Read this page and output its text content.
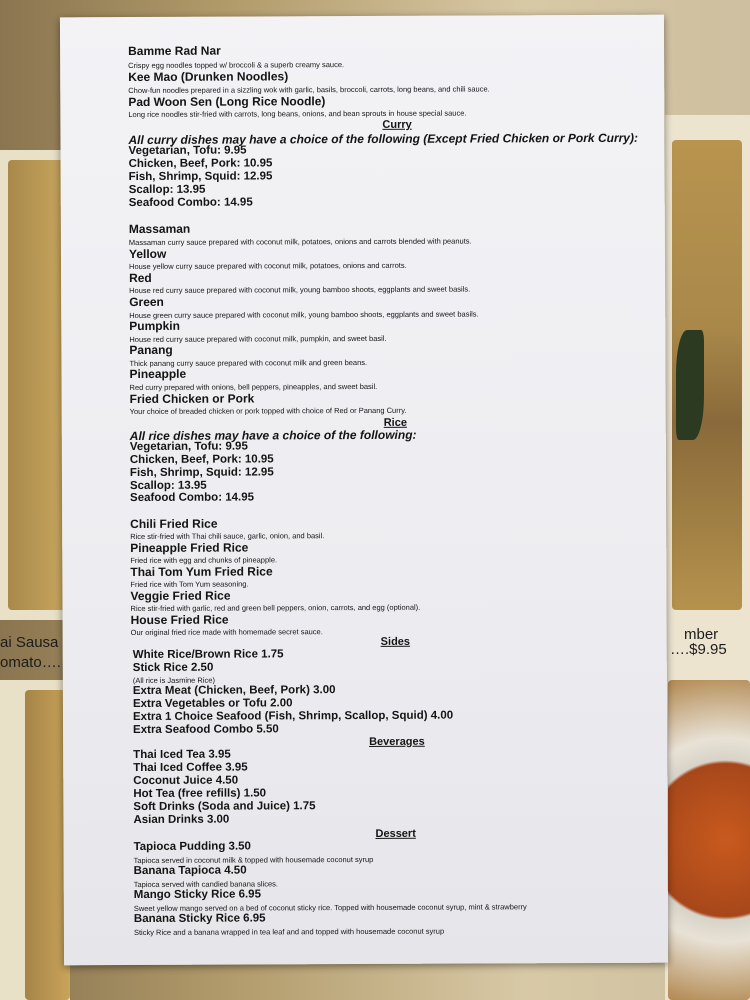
ai Sausa
omato….
mber
….$9.95
Bamme Rad Nar
Crispy egg noodles topped w/ broccoli & a superb creamy sauce.
Kee Mao (Drunken Noodles)
Chow-fun noodles prepared in a sizzling wok with garlic, basils, broccoli, carrots, long beans, and chili sauce.
Pad Woon Sen (Long Rice Noodle)
Long rice noodles stir-fried with carrots, long beans, onions, and bean sprouts in house special sauce.
Curry
All curry dishes may have a choice of the following (Except Fried Chicken or Pork Curry):
Vegetarian, Tofu: 9.95
Chicken, Beef, Pork: 10.95
Fish, Shrimp, Squid: 12.95
Scallop: 13.95
Seafood Combo: 14.95
Massaman
Massaman curry sauce prepared with coconut milk, potatoes, onions and carrots blended with peanuts.
Yellow
House yellow curry sauce prepared with coconut milk, potatoes, onions and carrots.
Red
House red curry sauce prepared with coconut milk, young bamboo shoots, eggplants and sweet basils.
Green
House green curry sauce prepared with coconut milk, young bamboo shoots, eggplants and sweet basils.
Pumpkin
House red curry sauce prepared with coconut milk, pumpkin, and sweet basil.
Panang
Thick panang curry sauce prepared with coconut milk and green beans.
Pineapple
Red curry prepared with onions, bell peppers, pineapples, and sweet basil.
Fried Chicken or Pork
Your choice of breaded chicken or pork topped with choice of Red or Panang Curry.
Rice
All rice dishes may have a choice of the following:
Vegetarian, Tofu: 9.95
Chicken, Beef, Pork: 10.95
Fish, Shrimp, Squid: 12.95
Scallop: 13.95
Seafood Combo: 14.95
Chili Fried Rice
Rice stir-fried with Thai chili sauce, garlic, onion, and basil.
Pineapple Fried Rice
Fried rice with egg and chunks of pineapple.
Thai Tom Yum Fried Rice
Fried rice with Tom Yum seasoning.
Veggie Fried Rice
Rice stir-fried with garlic, red and green bell peppers, onion, carrots, and egg (optional).
House Fried Rice
Our original fried rice made with homemade secret sauce.
Sides
White Rice/Brown Rice 1.75
Stick Rice 2.50
(All rice is Jasmine Rice)
Extra Meat (Chicken, Beef, Pork) 3.00
Extra Vegetables or Tofu 2.00
Extra 1 Choice Seafood (Fish, Shrimp, Scallop, Squid) 4.00
Extra Seafood Combo 5.50
Beverages
Thai Iced Tea 3.95
Thai Iced Coffee 3.95
Coconut Juice 4.50
Hot Tea (free refills) 1.50
Soft Drinks (Soda and Juice) 1.75
Asian Drinks 3.00
Dessert
Tapioca Pudding 3.50
Tapioca served in coconut milk & topped with housemade coconut syrup
Banana Tapioca 4.50
Tapioca served with candied banana slices.
Mango Sticky Rice 6.95
Sweet yellow mango served on a bed of coconut sticky rice. Topped with housemade coconut syrup, mint & strawberry
Banana Sticky Rice 6.95
Sticky Rice and a banana wrapped in tea leaf and and topped with housemade coconut syrup
